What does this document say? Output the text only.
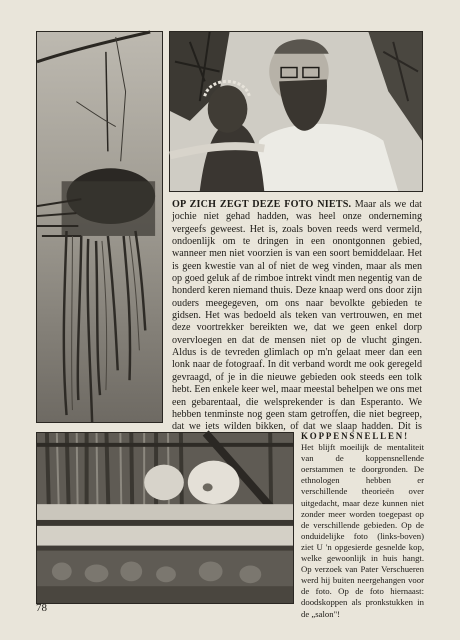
OP ZICH ZEGT DEZE FOTO NIETS. Maar als we dat jochie niet gehad hadden, was heel onze onderneming vergeefs geweest. Het is, zoals boven reeds werd vermeld, ondoenlijk om te dringen in een onontgonnen gebied, wanneer men niet voorzien is van een soort bemiddelaar. Het is geen kwestie van al of niet de weg vinden, maar als men op goed geluk af de rimboe intrekt vindt men negentig van de honderd keren niemand thuis. Deze knaap werd ons door zijn ouders meegegeven, om ons naar bevolkte gebieden te gidsen. Het was bedoeld als teken van vertrouwen, en met deze voortrekker bereikten we, dat we geen enkel dorp overvloegen en dat de mensen niet op de vlucht gingen. Aldus is de tevreden glimlach op m'n gelaat meer dan een lonk naar de fotograaf. In dit verband wordt me ook geregeld gevraagd, of je in die nieuwe gebieden ook steeds een tolk hebt. Een enkele keer wel, maar meestal behelpen we ons met een gebarentaal, die welsprekender is dan Esperanto. We hebben tenminste nog geen stam getroffen, die niet begreep, dat we iets wilden bikken, of dat we slaap hadden. Dit is
KOPPENSNELLEN!
Het blijft moeilijk de mentaliteit van de koppensnellende oerstammen te doorgronden. De ethnologen hebben er verschillende theorieën over uitgedacht, maar deze kunnen niet zonder meer worden toegepast op de verschillende gebieden. Op de onduidelijke foto (links-boven) ziet U 'n opgesierde gesnelde kop, welke gewoonlijk in huis hangt. Op verzoek van Pater Verschueren werd hij buiten neergehangen voor de foto. Op de foto hiernaast: doodskoppen als pronkstukken in de „salon"!
78
